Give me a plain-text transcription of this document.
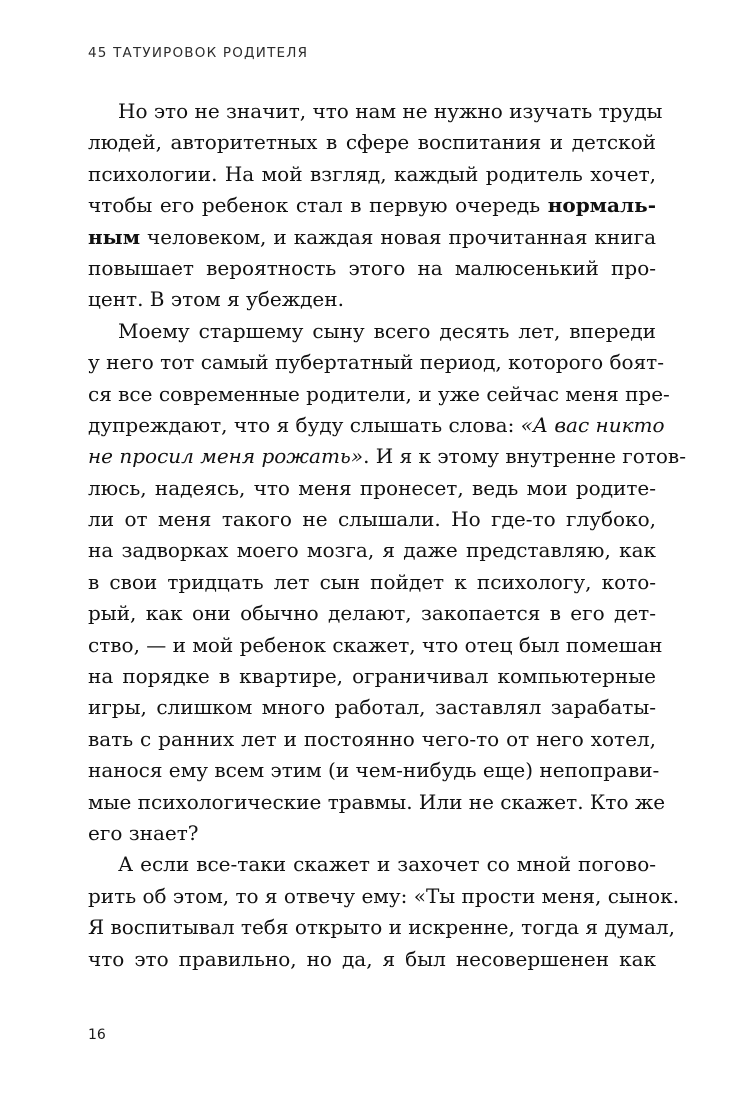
45 ТАТУИРОВОК РОДИТЕЛЯ
Но это не значит, что нам не нужно изучать труды
людей, авторитетных в сфере воспитания и детской
психологии. На мой взгляд, каждый родитель хочет,
чтобы его ребенок стал в первую очередь нормаль-
ным человеком, и каждая новая прочитанная книга
повышает вероятность этого на малюсенький про-
цент. В этом я убежден.
Моему старшему сыну всего десять лет, впереди
у него тот самый пубертатный период, которого боят-
ся все современные родители, и уже сейчас меня пре-
дупреждают, что я буду слышать слова: «А вас никто
не просил меня рожать». И я к этому внутренне готов-
люсь, надеясь, что меня пронесет, ведь мои родите-
ли от меня такого не слышали. Но где-то глубоко,
на задворках моего мозга, я даже представляю, как
в свои тридцать лет сын пойдет к психологу, кото-
рый, как они обычно делают, закопается в его дет-
ство, — и мой ребенок скажет, что отец был помешан
на порядке в квартире, ограничивал компьютерные
игры, слишком много работал, заставлял зарабаты-
вать с ранних лет и постоянно чего-то от него хотел,
нанося ему всем этим (и чем-нибудь еще) непоправи-
мые психологические травмы. Или не скажет. Кто же
его знает?
А если все-таки скажет и захочет со мной погово-
рить об этом, то я отвечу ему: «Ты прости меня, сынок.
Я воспитывал тебя открыто и искренне, тогда я думал,
что это правильно, но да, я был несовершенен как
16
